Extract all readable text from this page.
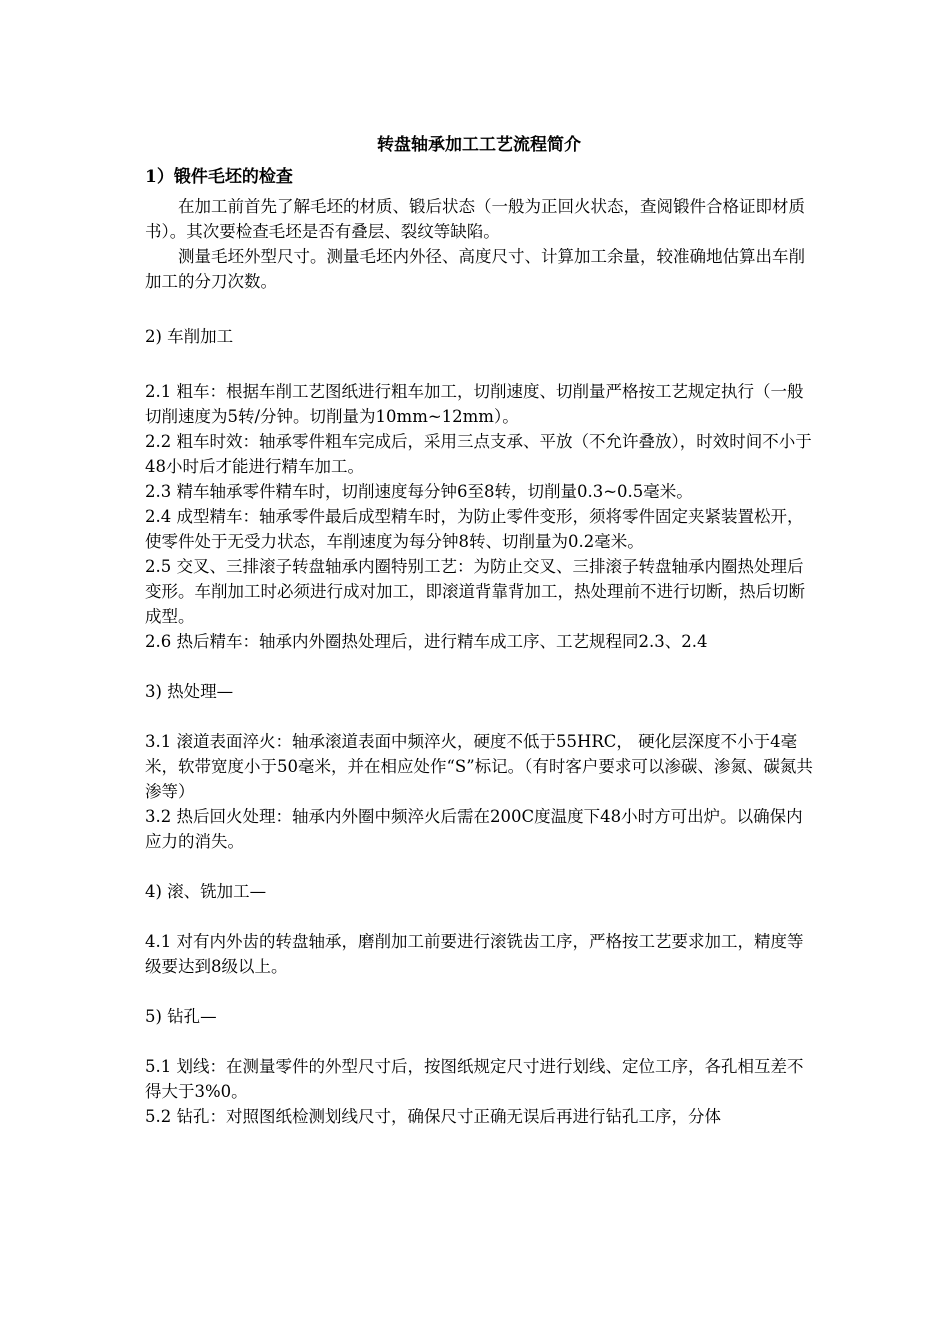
转盘轴承加工工艺流程简介

1）锻件毛坯的检查

在加工前首先了解毛坯的材质、锻后状态（一般为正回火状态，查阅锻件合格证即材质书）。其次要检查毛坯是否有叠层、裂纹等缺陷。

测量毛坯外型尺寸。测量毛坯内外径、高度尺寸、计算加工余量，较准确地估算出车削加工的分刀次数。

2) 车削加工

2.1 粗车：根据车削工艺图纸进行粗车加工，切削速度、切削量严格按工艺规定执行（一般切削速度为5转/分钟。切削量为10mm~12mm）。

2.2 粗车时效：轴承零件粗车完成后，采用三点支承、平放（不允许叠放），时效时间不小于48小时后才能进行精车加工。

2.3 精车轴承零件精车时，切削速度每分钟6至8转，切削量0.3~0.5毫米。

2.4 成型精车：轴承零件最后成型精车时，为防止零件变形，须将零件固定夹紧装置松开，使零件处于无受力状态，车削速度为每分钟8转、切削量为0.2毫米。

2.5 交叉、三排滚子转盘轴承内圈特别工艺：为防止交叉、三排滚子转盘轴承内圈热处理后变形。车削加工时必须进行成对加工，即滚道背靠背加工，热处理前不进行切断，热后切断成型。

2.6 热后精车：轴承内外圈热处理后，进行精车成工序、工艺规程同2.3、2.4

3) 热处理—

3.1 滚道表面淬火：轴承滚道表面中频淬火，硬度不低于55HRC， 硬化层深度不小于4毫米，软带宽度小于50毫米，并在相应处作“S”标记。（有时客户要求可以渗碳、渗氮、碳氮共渗等）

3.2 热后回火处理：轴承内外圈中频淬火后需在200C度温度下48小时方可出炉。以确保内应力的消失。

4) 滚、铣加工—

4.1 对有内外齿的转盘轴承，磨削加工前要进行滚铣齿工序，严格按工艺要求加工，精度等级要达到8级以上。

5) 钻孔—

5.1 划线：在测量零件的外型尺寸后，按图纸规定尺寸进行划线、定位工序，各孔相互差不得大于3%0。

5.2 钻孔：对照图纸检测划线尺寸，确保尺寸正确无误后再进行钻孔工序，分体
